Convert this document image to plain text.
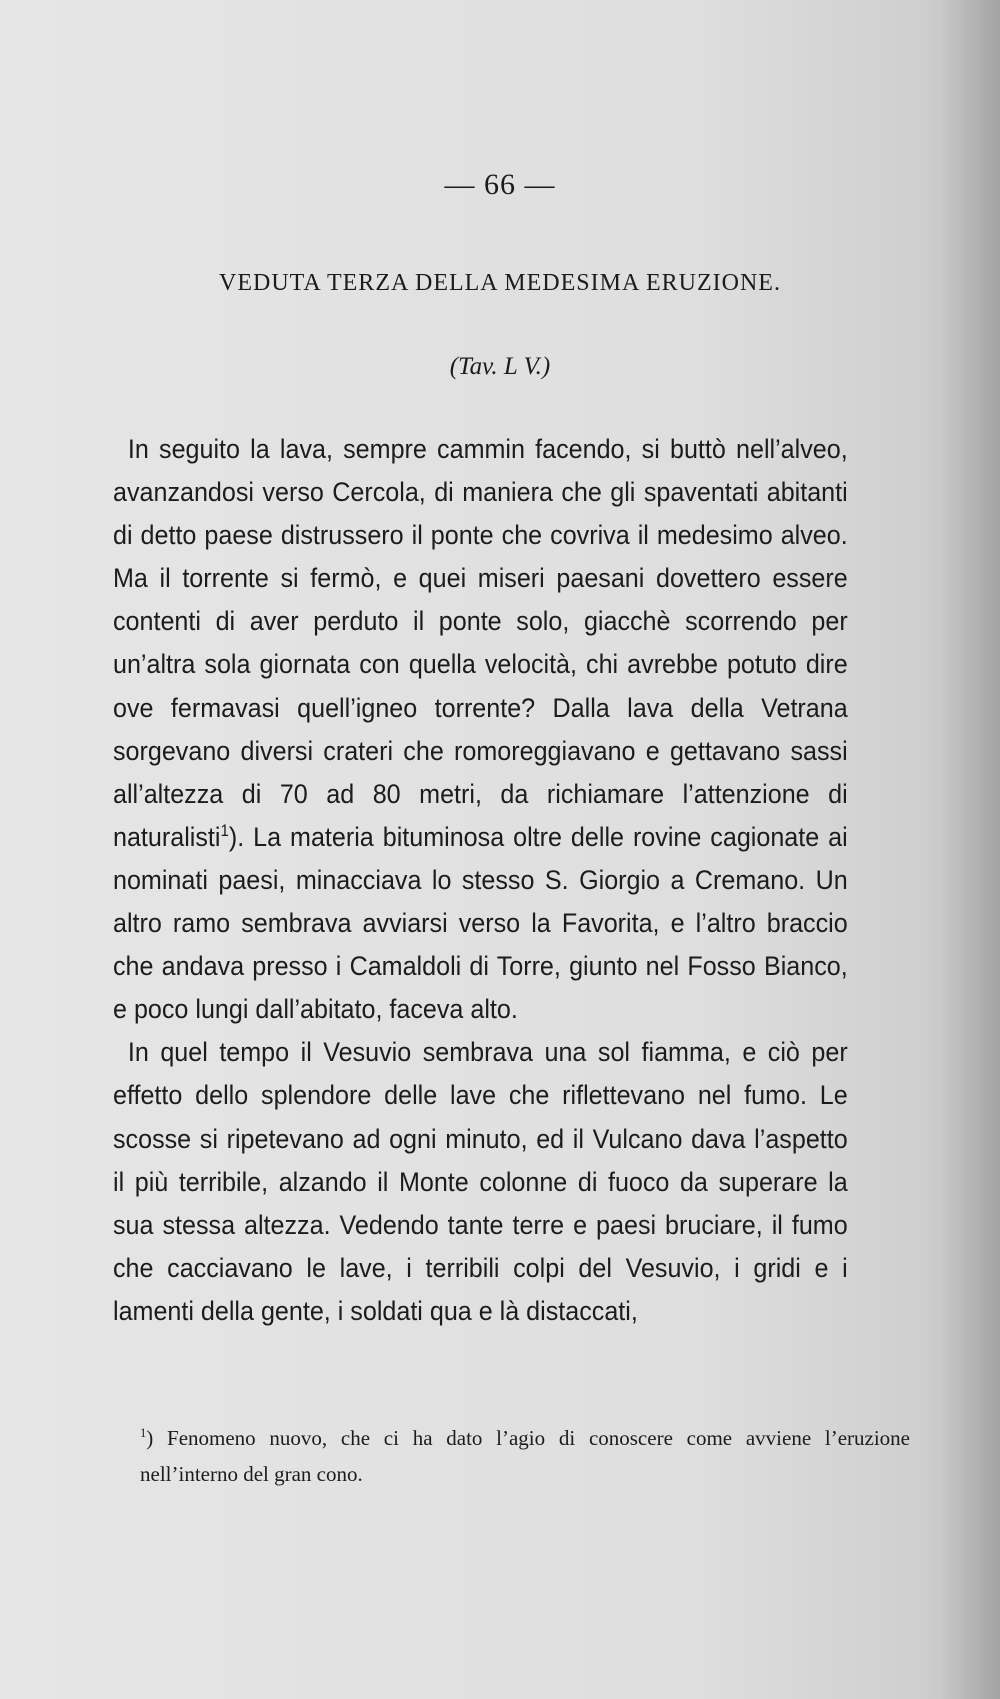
— 66 —
VEDUTA TERZA DELLA MEDESIMA ERUZIONE.
(Tav. L V.)

In seguito la lava, sempre cammin facendo, si buttò nell’alveo, avanzandosi verso Cercola, di maniera che gli spaventati abitanti di detto paese distrussero il ponte che covriva il medesimo alveo. Ma il torrente si fermò, e quei miseri paesani dovettero essere contenti di aver perduto il ponte solo, giacchè scorrendo per un’altra sola giornata con quella velocità, chi avrebbe potuto dire ove fermavasi quell’igneo torrente? Dalla lava della Vetrana sorgevano diversi crateri che romoreggiavano e gettavano sassi all’altezza di 70 ad 80 metri, da richiamare l’attenzione di naturalisti$^1$). La materia bituminosa oltre delle rovine cagionate ai nominati paesi, minacciava lo stesso S. Giorgio a Cremano. Un altro ramo sembrava avviarsi verso la Favorita, e l’altro braccio che andava presso i Camaldoli di Torre, giunto nel Fosso Bianco, e poco lungi dall’abitato, faceva alto.

In quel tempo il Vesuvio sembrava una sol fiamma, e ciò per effetto dello splendore delle lave che riflettevano nel fumo. Le scosse si ripetevano ad ogni minuto, ed il Vulcano dava l’aspetto il più terribile, alzando il Monte colonne di fuoco da superare la sua stessa altezza. Vedendo tante terre e paesi bruciare, il fumo che cacciavano le lave, i terribili colpi del Vesuvio, i gridi e i lamenti della gente, i soldati qua e là distaccati,

$^1$) Fenomeno nuovo, che ci ha dato l’agio di conoscere come avviene l’eruzione nell’interno del gran cono.
